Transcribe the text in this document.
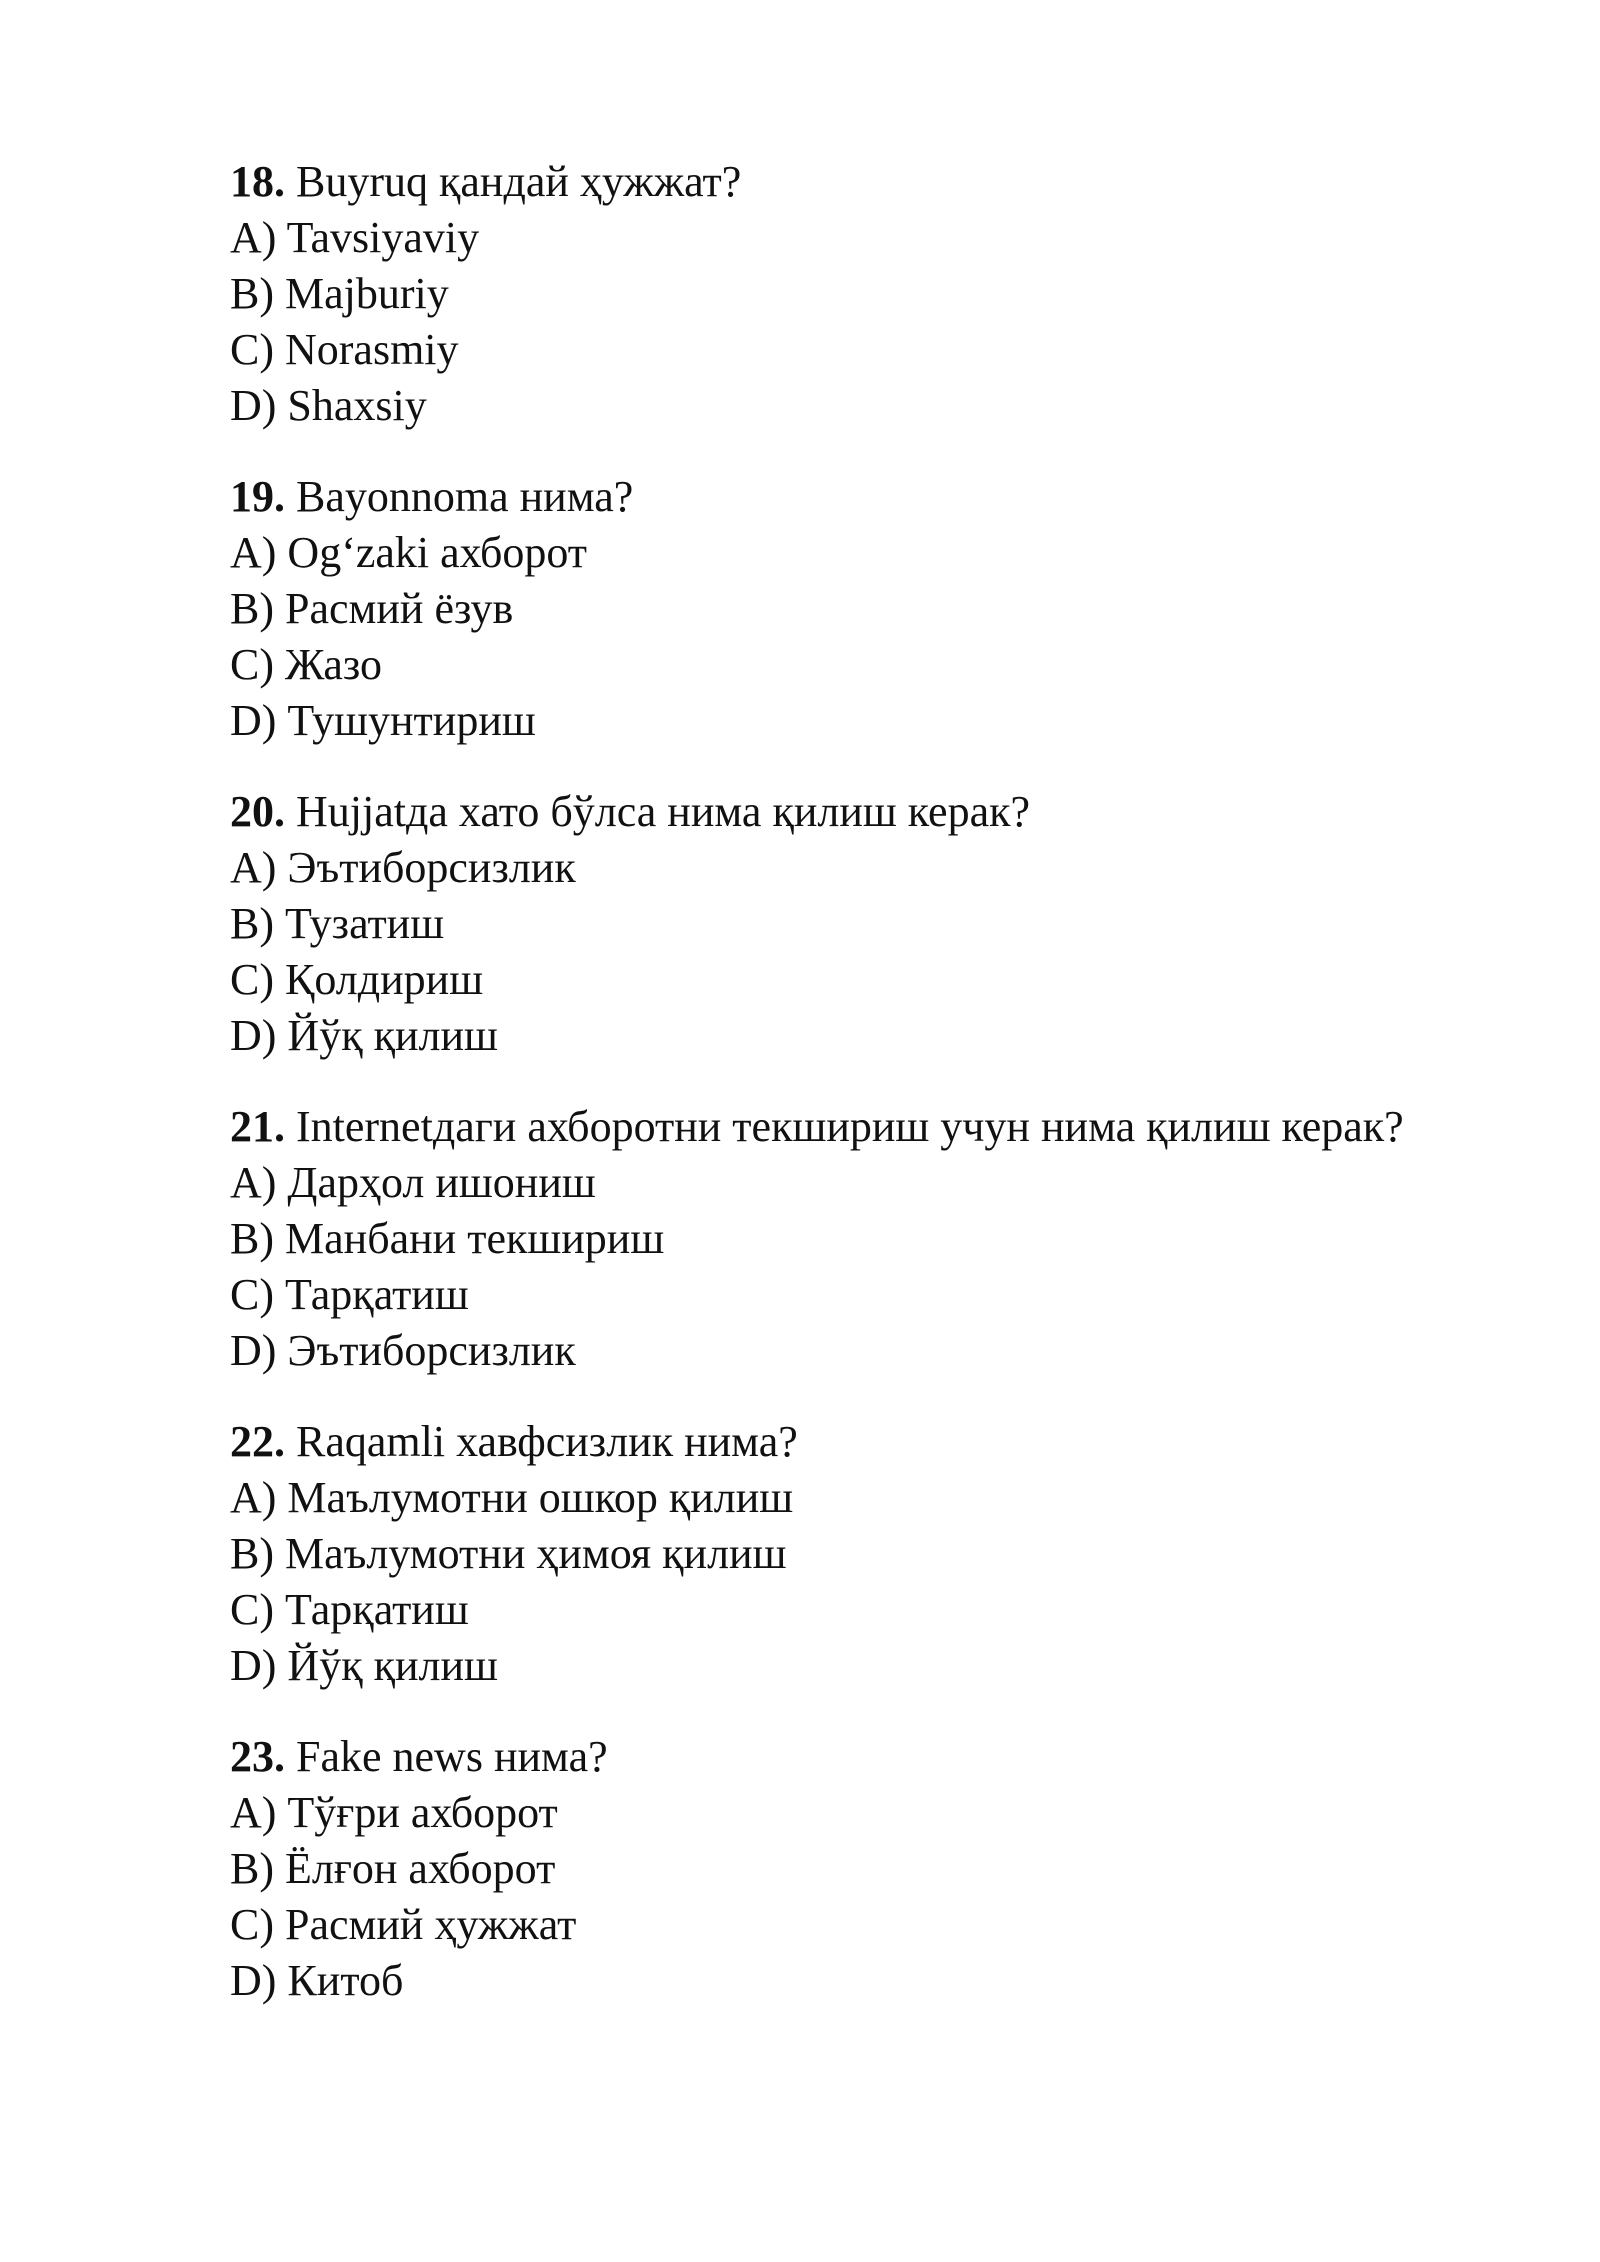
18. Buyruq қандай ҳужжат?

A) Tavsiyaviy

B) Majburiy

C) Norasmiy

D) Shaxsiy

19. Bayonnoma нима?

A) Og‘zaki ахборот

B) Расмий ёзув

C) Жазо

D) Тушунтириш

20. Hujjatда хато бўлса нима қилиш керак?

A) Эътиборсизлик

B) Тузатиш

C) Қолдириш

D) Йўқ қилиш

21. Internetдаги ахборотни текшириш учун нима қилиш керак?

A) Дарҳол ишониш

B) Манбани текшириш

C) Тарқатиш

D) Эътиборсизлик

22. Raqamli хавфсизлик нима?

A) Маълумотни ошкор қилиш

B) Маълумотни ҳимоя қилиш

C) Тарқатиш

D) Йўқ қилиш

23. Fake news нима?

A) Тўғри ахборот

B) Ёлғон ахборот

C) Расмий ҳужжат

D) Китоб
